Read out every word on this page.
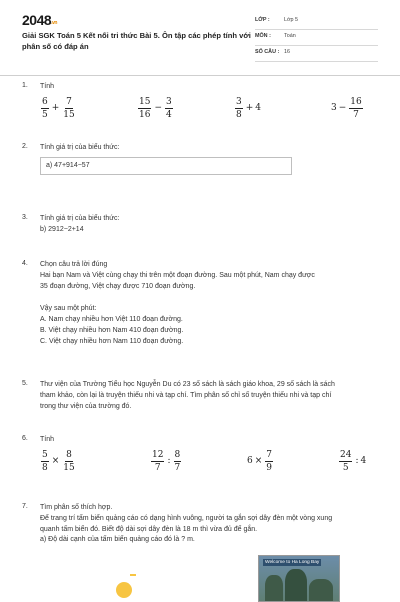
$2048^{.vn}$
Giải SGK Toán 5 Kết nối tri thức Bài 5. Ôn tập các phép tính với phân số có đáp án
LỚP :	Lớp 5
MÔN : Toán
SỐ CÂU : 16
1. Tính

$\frac{6}{5} + \frac{7}{15}$	$\frac{15}{16} - \frac{3}{4}$	$\frac{3}{8} + 4$	$3 - \frac{16}{7}$
2. Tính giá trị của biểu thức:

a) 47+914−57
3. Tính giá trị của biểu thức:

b) 2912−2+14

4. Chọn câu trả lời đúng

Hai bạn Nam và Việt cùng chạy thi trên một đoạn đường. Sau một phút, Nam chạy được

35 đoạn đường, Việt chạy được 710 đoạn đường.

Vậy sau một phút:

A. Nam chạy nhiều hơn Việt 110 đoạn đường.

B. Việt chạy nhiều hơn Nam 410 đoạn đường.

C. Việt chạy nhiều hơn Nam 110 đoạn đường.

5. Thư viện của Trường Tiểu học Nguyễn Du có 23 số sách là sách giáo khoa, 29 số sách là sách

tham khảo, còn lại là truyện thiếu nhi và tạp chí. Tìm phân số chỉ số truyện thiếu nhi và tạp chí

trong thư viện của trường đó.

6. Tính

$\frac{5}{8} \times \frac{8}{15}$	$\frac{12}{7}$ : $\frac{8}{7}$	$6 \times \frac{7}{9}$	$\frac{24}{5}$ : 4
7. Tìm phân số thích hợp.

Để trang trí tấm biển quảng cáo có dạng hình vuông, người ta gắn sợi dây đèn một vòng xung

quanh tấm biển đó. Biết độ dài sợi dây đèn là 18 m thì vừa đủ để gắn.

a) Độ dài cạnh của tấm biển quảng cáo đó là ? m.

Welcome to Ha Long Bay
